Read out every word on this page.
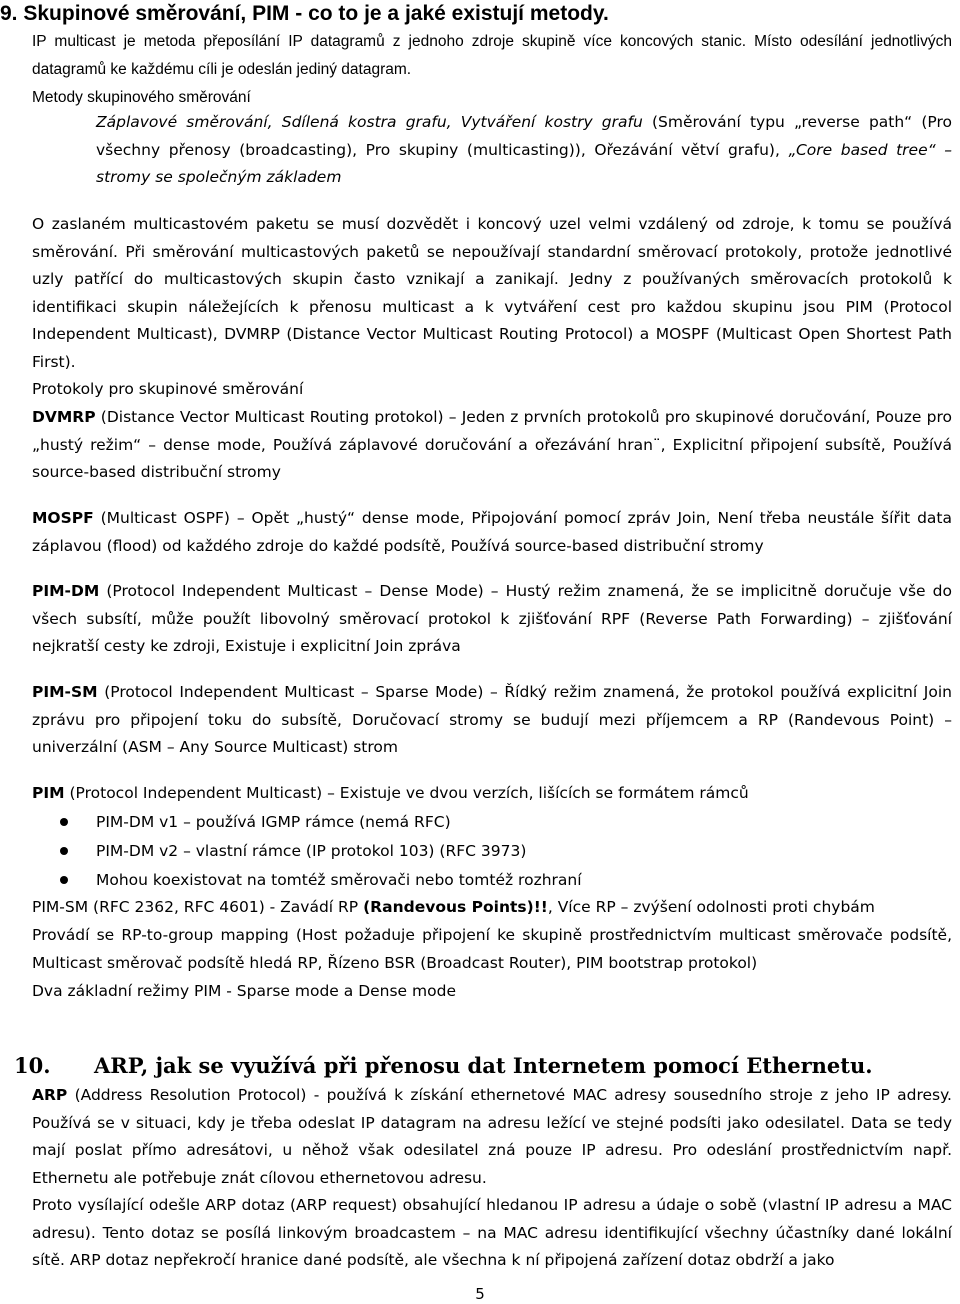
9. Skupinové směrování, PIM - co to je a jaké existují metody.
IP multicast je metoda přeposílání IP datagramů z jednoho zdroje skupině více koncových stanic. Místo odesílání jednotlivých datagramů ke každému cíli je odeslán jediný datagram.
Metody skupinového směrování
Záplavové směrování, Sdílená kostra grafu, Vytváření kostry grafu (Směrování typu „reverse path“ (Pro všechny přenosy (broadcasting), Pro skupiny (multicasting)), Ořezávání větví grafu), „Core based tree“ – stromy se společným základem
O zaslaném multicastovém paketu se musí dozvědět i koncový uzel velmi vzdálený od zdroje, k tomu se používá směrování. Při směrování multicastových paketů se nepoužívají standardní směrovací protokoly, protože jednotlivé uzly patřící do multicastových skupin často vznikají a zanikají. Jedny z používaných směrovacích protokolů k identifikaci skupin náležejících k přenosu multicast a k vytváření cest pro každou skupinu jsou PIM (Protocol Independent Multicast), DVMRP (Distance Vector Multicast Routing Protocol) a MOSPF (Multicast Open Shortest Path First).
Protokoly pro skupinové směrování
DVMRP (Distance Vector Multicast Routing protokol) – Jeden z prvních protokolů pro skupinové doručování, Pouze pro „hustý režim“ – dense mode, Používá záplavové doručování a ořezávání hran¨, Explicitní připojení subsítě, Používá source-based distribuční stromy
MOSPF (Multicast OSPF) – Opět „hustý“ dense mode, Připojování pomocí zpráv Join, Není třeba neustále šířit data záplavou (flood) od každého zdroje do každé podsítě, Používá source-based distribuční stromy
PIM-DM (Protocol Independent Multicast – Dense Mode) – Hustý režim znamená, že se implicitně doručuje vše do všech subsítí, může použít libovolný směrovací protokol k zjišťování RPF (Reverse Path Forwarding) – zjišťování nejkratší cesty ke zdroji, Existuje i explicitní Join zpráva
PIM-SM (Protocol Independent Multicast – Sparse Mode) – Řídký režim znamená, že protokol používá explicitní Join zprávu pro připojení toku do subsítě, Doručovací stromy se budují mezi příjemcem a RP (Randevous Point) – univerzální (ASM – Any Source Multicast) strom
PIM (Protocol Independent Multicast) – Existuje ve dvou verzích, lišících se formátem rámců
PIM-DM v1 – používá IGMP rámce (nemá RFC)
PIM-DM v2 – vlastní rámce (IP protokol 103) (RFC 3973)
Mohou koexistovat na tomtéž směrovači nebo tomtéž rozhraní
PIM-SM (RFC 2362, RFC 4601) - Zavádí RP (Randevous Points)!!, Více RP – zvýšení odolnosti proti chybám
Provádí se RP-to-group mapping (Host požaduje připojení ke skupině prostřednictvím multicast směrovače podsítě, Multicast směrovač podsítě hledá RP, Řízeno BSR (Broadcast Router), PIM bootstrap protokol)
Dva základní režimy PIM - Sparse mode a Dense mode
10. ARP, jak se využívá při přenosu dat Internetem pomocí Ethernetu.
ARP (Address Resolution Protocol) - používá k získání ethernetové MAC adresy sousedního stroje z jeho IP adresy. Používá se v situaci, kdy je třeba odeslat IP datagram na adresu ležící ve stejné podsíti jako odesilatel. Data se tedy mají poslat přímo adresátovi, u něhož však odesilatel zná pouze IP adresu. Pro odeslání prostřednictvím např. Ethernetu ale potřebuje znát cílovou ethernetovou adresu.
Proto vysílající odešle ARP dotaz (ARP request) obsahující hledanou IP adresu a údaje o sobě (vlastní IP adresu a MAC adresu). Tento dotaz se posílá linkovým broadcastem – na MAC adresu identifikující všechny účastníky dané lokální sítě. ARP dotaz nepřekročí hranice dané podsítě, ale všechna k ní připojená zařízení dotaz obdrží a jako
5
